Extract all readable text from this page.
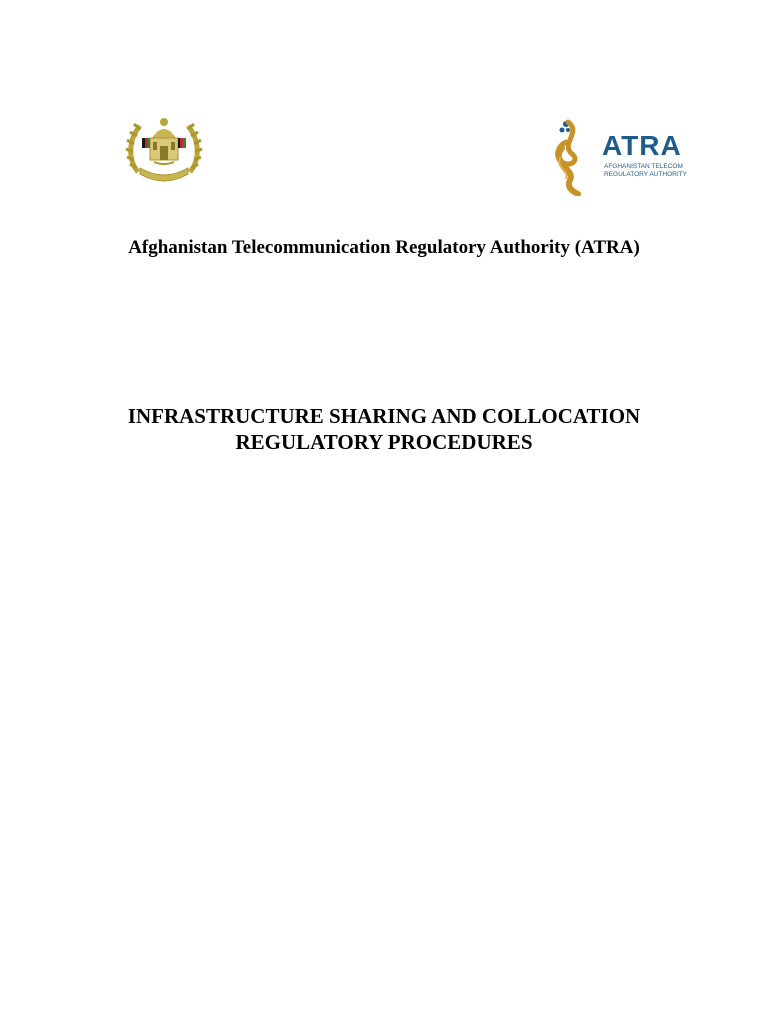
ATRA
AFGHANISTAN TELECOM
REGULATORY AUTHORITY
Afghanistan Telecommunication Regulatory Authority (ATRA)
INFRASTRUCTURE SHARING AND COLLOCATION
REGULATORY PROCEDURES
